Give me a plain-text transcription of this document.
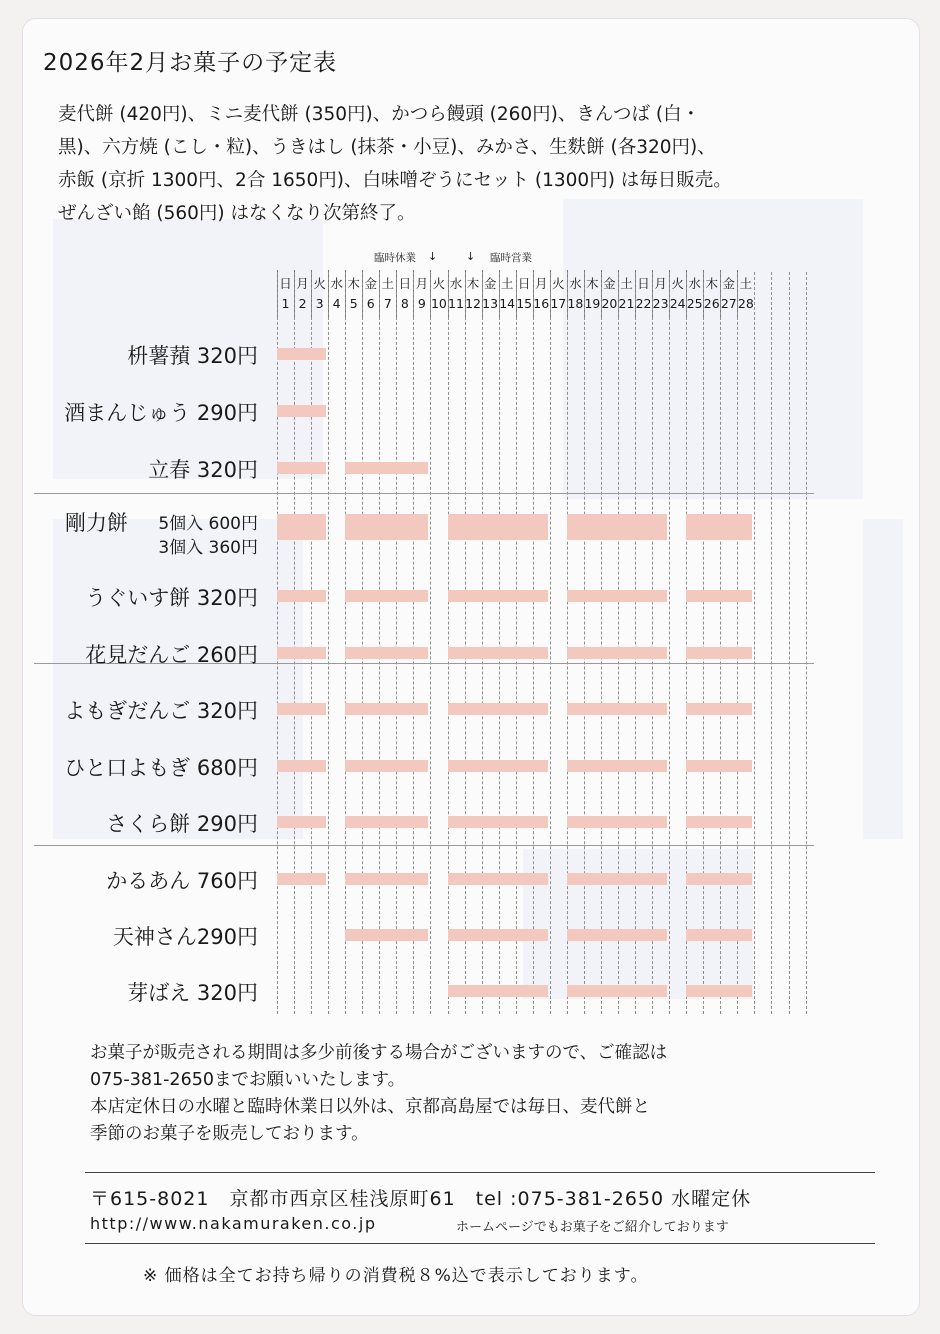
2026年2月お菓子の予定表
麦代餅 (420円)、ミニ麦代餅 (350円)、かつら饅頭 (260円)、きんつば (白・
黒)、六方焼 (こし・粒)、うきはし (抹茶・小豆)、みかさ、生麩餅 (各320円)、
赤飯 (京折 1300円、2合 1650円)、白味噌ぞうにセット (1300円) は毎日販売。
ぜんざい餡 (560円) はなくなり次第終了。
臨時休業 ↓	↓ 臨時営業
日
1
月
2
火
3
水
4
木
5
金
6
土
7
日
8
月
9
火
10
水
11
木
12
金
13
土
14
日
15
月
16
火
17
水
18
木
19
金
20
土
21
日
22
月
23
火
24
水
25
木
26
金
27
土
28
枡薯蕷 320円
酒まんじゅう 290円
立春 320円
剛力餅 5個入 600円
3個入 360円
うぐいす餅 320円
花見だんご 260円
よもぎだんご 320円
ひと口よもぎ 680円
さくら餅 290円
かるあん 760円
天神さん290円
芽ばえ 320円
お菓子が販売される期間は多少前後する場合がございますので、ご確認は
075-381-2650までお願いいたします。
本店定休日の水曜と臨時休業日以外は、京都高島屋では毎日、麦代餅と
季節のお菓子を販売しております。
〒615-8021　京都市西京区桂浅原町61　tel :075-381-2650 水曜定休
http://www.nakamuraken.co.jp	ホームページでもお菓子をご紹介しております
※ 価格は全てお持ち帰りの消費税８%込で表示しております。
